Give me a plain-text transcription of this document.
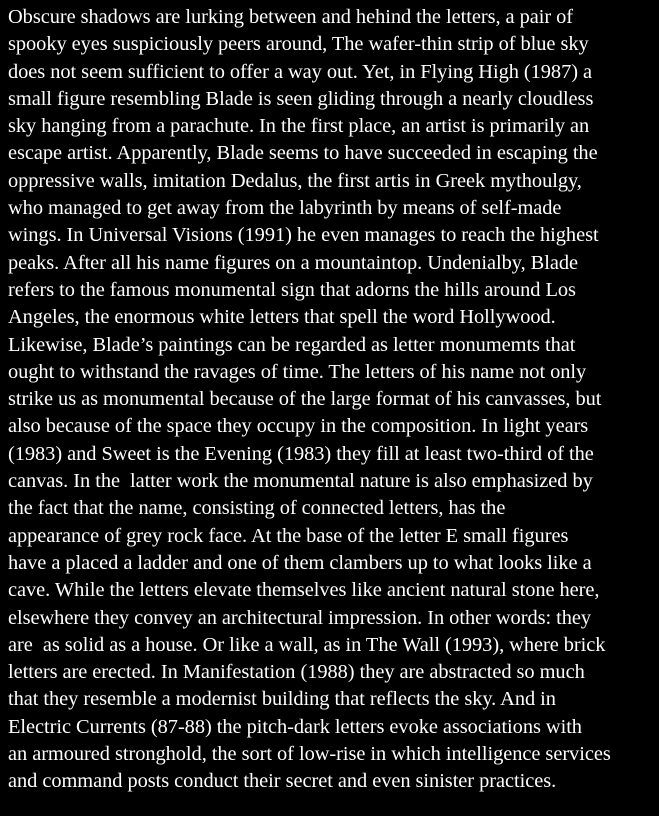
Obscure shadows are lurking between and hehind the letters, a pair of
spooky eyes suspiciously peers around, The wafer-thin strip of blue sky
does not seem sufficient to offer a way out. Yet, in Flying High (1987) a
small figure resembling Blade is seen gliding through a nearly cloudless
sky hanging from a parachute. In the first place, an artist is primarily an
escape artist. Apparently, Blade seems to have succeeded in escaping the
oppressive walls, imitation Dedalus, the first artis in Greek mythoulgy,
who managed to get away from the labyrinth by means of self-made
wings. In Universal Visions (1991) he even manages to reach the highest
peaks. After all his name figures on a mountaintop. Undenialby, Blade
refers to the famous monumental sign that adorns the hills around Los
Angeles, the enormous white letters that spell the word Hollywood.
Likewise, Blade’s paintings can be regarded as letter monumemts that
ought to withstand the ravages of time. The letters of his name not only
strike us as monumental because of the large format of his canvasses, but
also because of the space they occupy in the composition. In light years
(1983) and Sweet is the Evening (1983) they fill at least two-third of the
canvas. In the  latter work the monumental nature is also emphasized by
the fact that the name, consisting of connected letters, has the
appearance of grey rock face. At the base of the letter E small figures
have a placed a ladder and one of them clambers up to what looks like a
cave. While the letters elevate themselves like ancient natural stone here,
elsewhere they convey an architectural impression. In other words: they
are  as solid as a house. Or like a wall, as in The Wall (1993), where brick
letters are erected. In Manifestation (1988) they are abstracted so much
that they resemble a modernist building that reflects the sky. And in
Electric Currents (87-88) the pitch-dark letters evoke associations with
an armoured stronghold, the sort of low-rise in which intelligence services
and command posts conduct their secret and even sinister practices.
